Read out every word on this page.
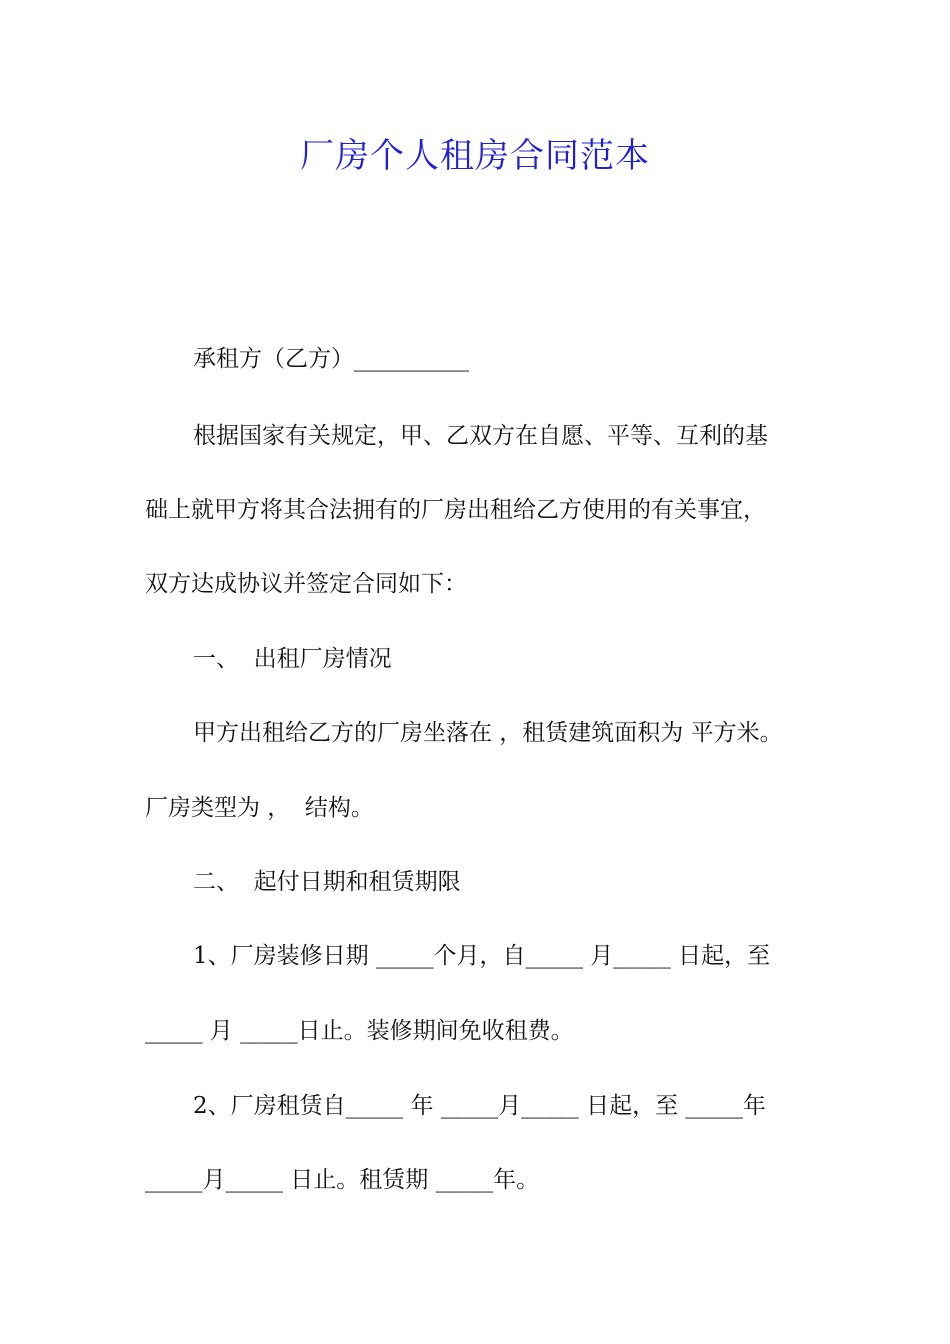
厂房个人租房合同范本
承租方（乙方）__________
根据国家有关规定，甲、乙双方在自愿、平等、互利的基
础上就甲方将其合法拥有的厂房出租给乙方使用的有关事宜，
双方达成协议并签定合同如下：
一、  出租厂房情况
甲方出租给乙方的厂房坐落在 ，租赁建筑面积为 平方米。
厂房类型为 ，  结构。
二、  起付日期和租赁期限
1、厂房装修日期 _____个月，自_____ 月_____ 日起，至
_____ 月 _____日止。装修期间免收租费。
2、厂房租赁自_____ 年 _____月_____ 日起，至 _____年
_____月_____ 日止。租赁期 _____年。
